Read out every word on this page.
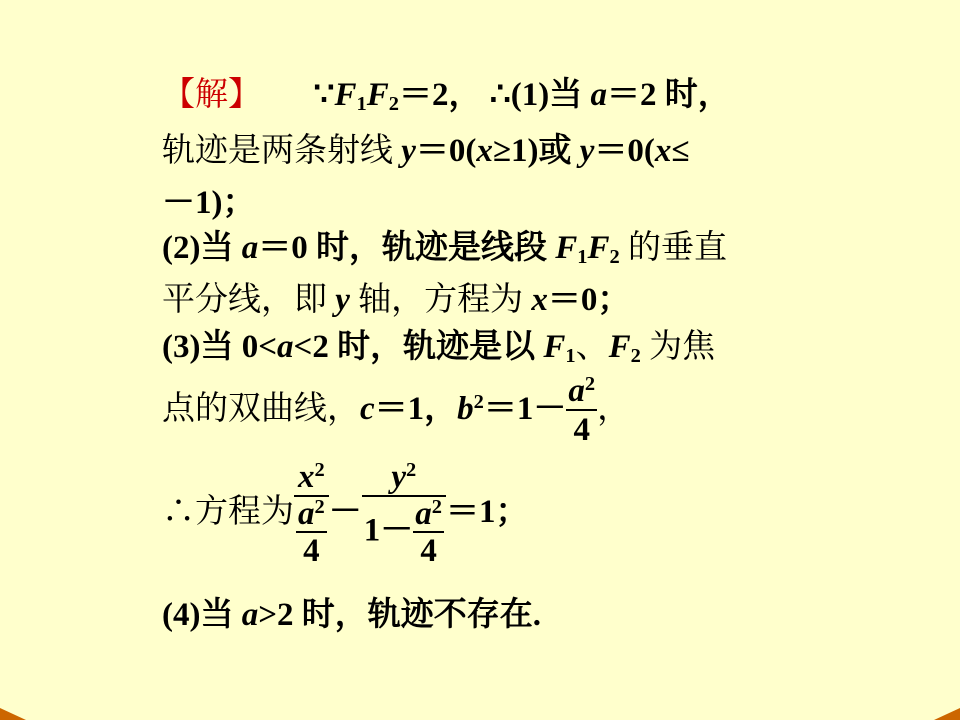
【解】 $\because F_1F_2=2$， ∴(1)当 a＝2 时，
轨迹是两条射线 y＝0(x≥1)或 y＝0(x≤
－1)；
(2)当 a＝0 时，轨迹是线段 $F_1F_2$ 的垂直
平分线，即 y 轴，方程为 x＝0；
(3)当 0<a<2 时，轨迹是以 $F_1$、$F_2$ 为焦
点的双曲线，c＝1，$b^2=1- \frac{a^2}{4}$ ，
∴方程为 $\frac{x^2}{\frac{a^2}{4}} - \frac{y^2}{1- \frac{a^2}{4}} =1$；
(4)当 a>2 时，轨迹不存在.
